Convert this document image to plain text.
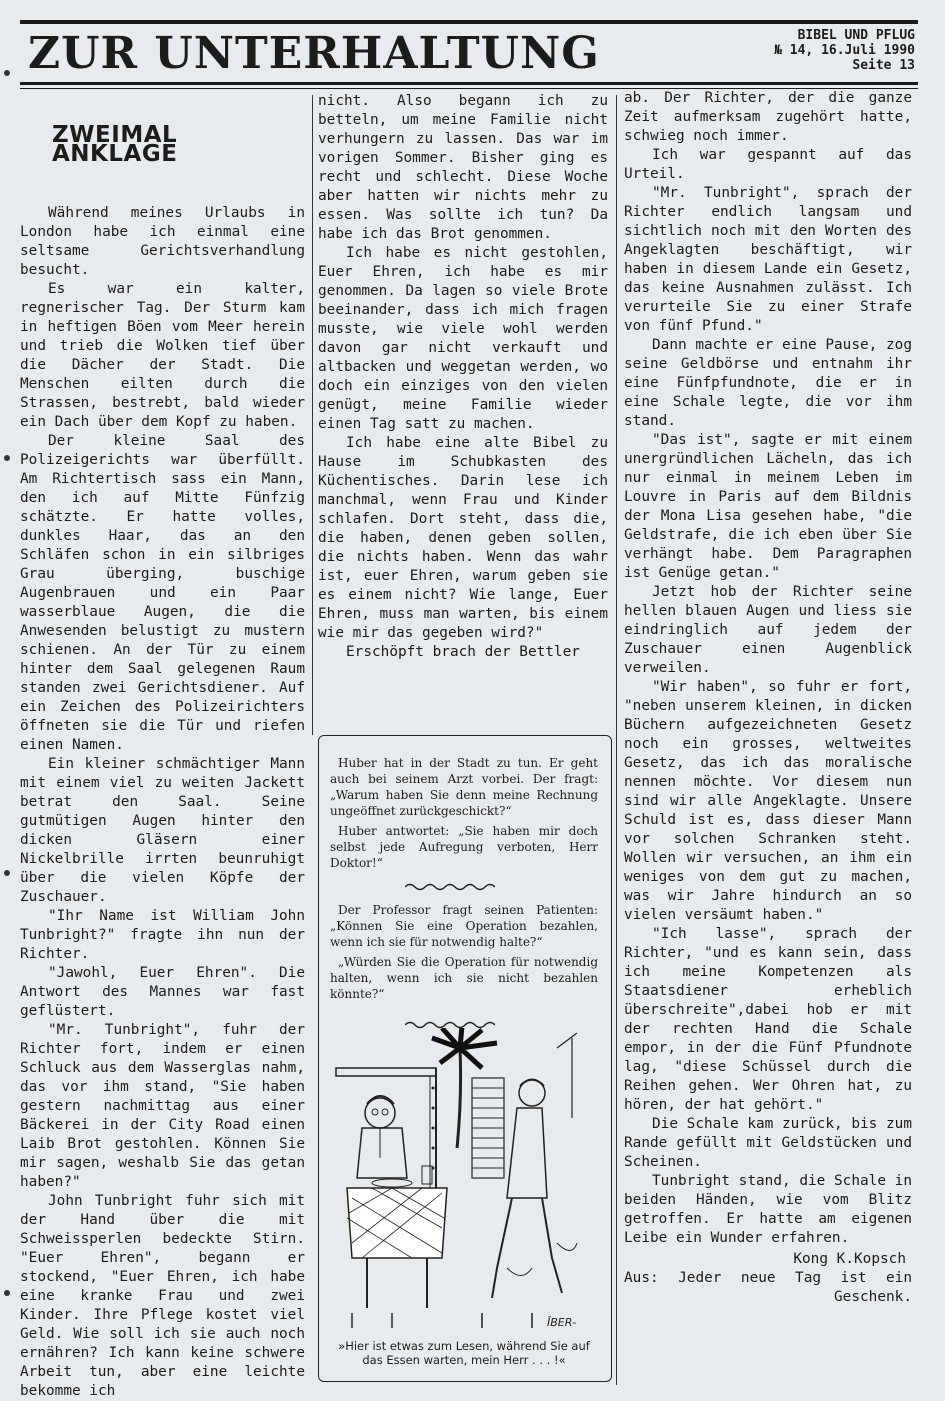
ZUR UNTERHALTUNG	BIBEL UND PFLUG
№ 14, 16.Juli 1990
Seite 13
ZWEIMAL ANKLAGE

Während meines Urlaubs in London habe ich einmal eine seltsame Gerichtsverhandlung besucht.

Es war ein kalter, regnerischer Tag. Der Sturm kam in heftigen Böen vom Meer herein und trieb die Wolken tief über die Dächer der Stadt. Die Menschen eilten durch die Strassen, bestrebt, bald wieder ein Dach über dem Kopf zu haben.

Der kleine Saal des Polizeigerichts war überfüllt. Am Richtertisch sass ein Mann, den ich auf Mitte Fünfzig schätzte. Er hatte volles, dunkles Haar, das an den Schläfen schon in ein silbriges Grau überging, buschige Augenbrauen und ein Paar wasserblaue Augen, die die Anwesenden belustigt zu mustern schienen. An der Tür zu einem hinter dem Saal gelegenen Raum standen zwei Gerichtsdiener. Auf ein Zeichen des Polizeirichters öffneten sie die Tür und riefen einen Namen.

Ein kleiner schmächtiger Mann mit einem viel zu weiten Jackett betrat den Saal. Seine gutmütigen Augen hinter den dicken Gläsern einer Nickelbrille irrten beunruhigt über die vielen Köpfe der Zuschauer.

"Ihr Name ist William John Tunbright?" fragte ihn nun der Richter.

"Jawohl, Euer Ehren". Die Antwort des Mannes war fast geflüstert.

"Mr. Tunbright", fuhr der Richter fort, indem er einen Schluck aus dem Wasserglas nahm, das vor ihm stand, "Sie haben gestern nachmittag aus einer Bäckerei in der City Road einen Laib Brot gestohlen. Können Sie mir sagen, weshalb Sie das getan haben?"

John Tunbright fuhr sich mit der Hand über die mit Schweissperlen bedeckte Stirn. "Euer Ehren", begann er stockend, "Euer Ehren, ich habe eine kranke Frau und zwei Kinder. Ihre Pflege kostet viel Geld. Wie soll ich sie auch noch ernähren? Ich kann keine schwere Arbeit tun, aber eine leichte bekomme ich

nicht. Also begann ich zu betteln, um meine Familie nicht verhungern zu lassen. Das war im vorigen Sommer. Bisher ging es recht und schlecht. Diese Woche aber hatten wir nichts mehr zu essen. Was sollte ich tun? Da habe ich das Brot genommen.

Ich habe es nicht gestohlen, Euer Ehren, ich habe es mir genommen. Da lagen so viele Brote beeinander, dass ich mich fragen musste, wie viele wohl werden davon gar nicht verkauft und altbacken und weggetan werden, wo doch ein einziges von den vielen genügt, meine Familie wieder einen Tag satt zu machen.

Ich habe eine alte Bibel zu Hause im Schubkasten des Küchentisches. Darin lese ich manchmal, wenn Frau und Kinder schlafen. Dort steht, dass die, die haben, denen geben sollen, die nichts haben. Wenn das wahr ist, euer Ehren, warum geben sie es einem nicht? Wie lange, Euer Ehren, muss man warten, bis einem wie mir das gegeben wird?"

Erschöpft brach der Bettler

Huber hat in der Stadt zu tun. Er geht auch bei seinem Arzt vorbei. Der fragt: „Warum haben Sie denn meine Rechnung ungeöffnet zurückgeschickt?“

Huber antwortet: „Sie haben mir doch selbst jede Aufregung verboten, Herr Doktor!“

Der Professor fragt seinen Patienten: „Können Sie eine Operation bezahlen, wenn ich sie für notwendig halte?“

„Würden Sie die Operation für notwendig halten, wenn ich sie nicht bezahlen könnte?“

ÎBER-
»Hier ist etwas zum Lesen, während Sie auf das Essen warten, mein Herr . . . !«

ab. Der Richter, der die ganze Zeit aufmerksam zugehört hatte, schwieg noch immer.

Ich war gespannt auf das Urteil.

"Mr. Tunbright", sprach der Richter endlich langsam und sichtlich noch mit den Worten des Angeklagten beschäftigt, wir haben in diesem Lande ein Gesetz, das keine Ausnahmen zulässt. Ich verurteile Sie zu einer Strafe von fünf Pfund."

Dann machte er eine Pause, zog seine Geldbörse und entnahm ihr eine Fünfpfundnote, die er in eine Schale legte, die vor ihm stand.

"Das ist", sagte er mit einem unergründlichen Lächeln, das ich nur einmal in meinem Leben im Louvre in Paris auf dem Bildnis der Mona Lisa gesehen habe, "die Geldstrafe, die ich eben über Sie verhängt habe. Dem Paragraphen ist Genüge getan."

Jetzt hob der Richter seine hellen blauen Augen und liess sie eindringlich auf jedem der Zuschauer einen Augenblick verweilen.

"Wir haben", so fuhr er fort, "neben unserem kleinen, in dicken Büchern aufgezeichneten Gesetz noch ein grosses, weltweites Gesetz, das ich das moralische nennen möchte. Vor diesem nun sind wir alle Angeklagte. Unsere Schuld ist es, dass dieser Mann vor solchen Schranken steht. Wollen wir versuchen, an ihm ein weniges von dem gut zu machen, was wir Jahre hindurch an so vielen versäumt haben."

"Ich lasse", sprach der Richter, "und es kann sein, dass ich meine Kompetenzen als Staatsdiener erheblich überschreite",dabei hob er mit der rechten Hand die Schale empor, in der die Fünf Pfundnote lag, "diese Schüssel durch die Reihen gehen. Wer Ohren hat, zu hören, der hat gehört."

Die Schale kam zurück, bis zum Rande gefüllt mit Geldstücken und Scheinen.

Tunbright stand, die Schale in beiden Händen, wie vom Blitz getroffen. Er hatte am eigenen Leibe ein Wunder erfahren.

Kong K.Kopsch

Aus: Jeder neue Tag ist ein

Geschenk.
